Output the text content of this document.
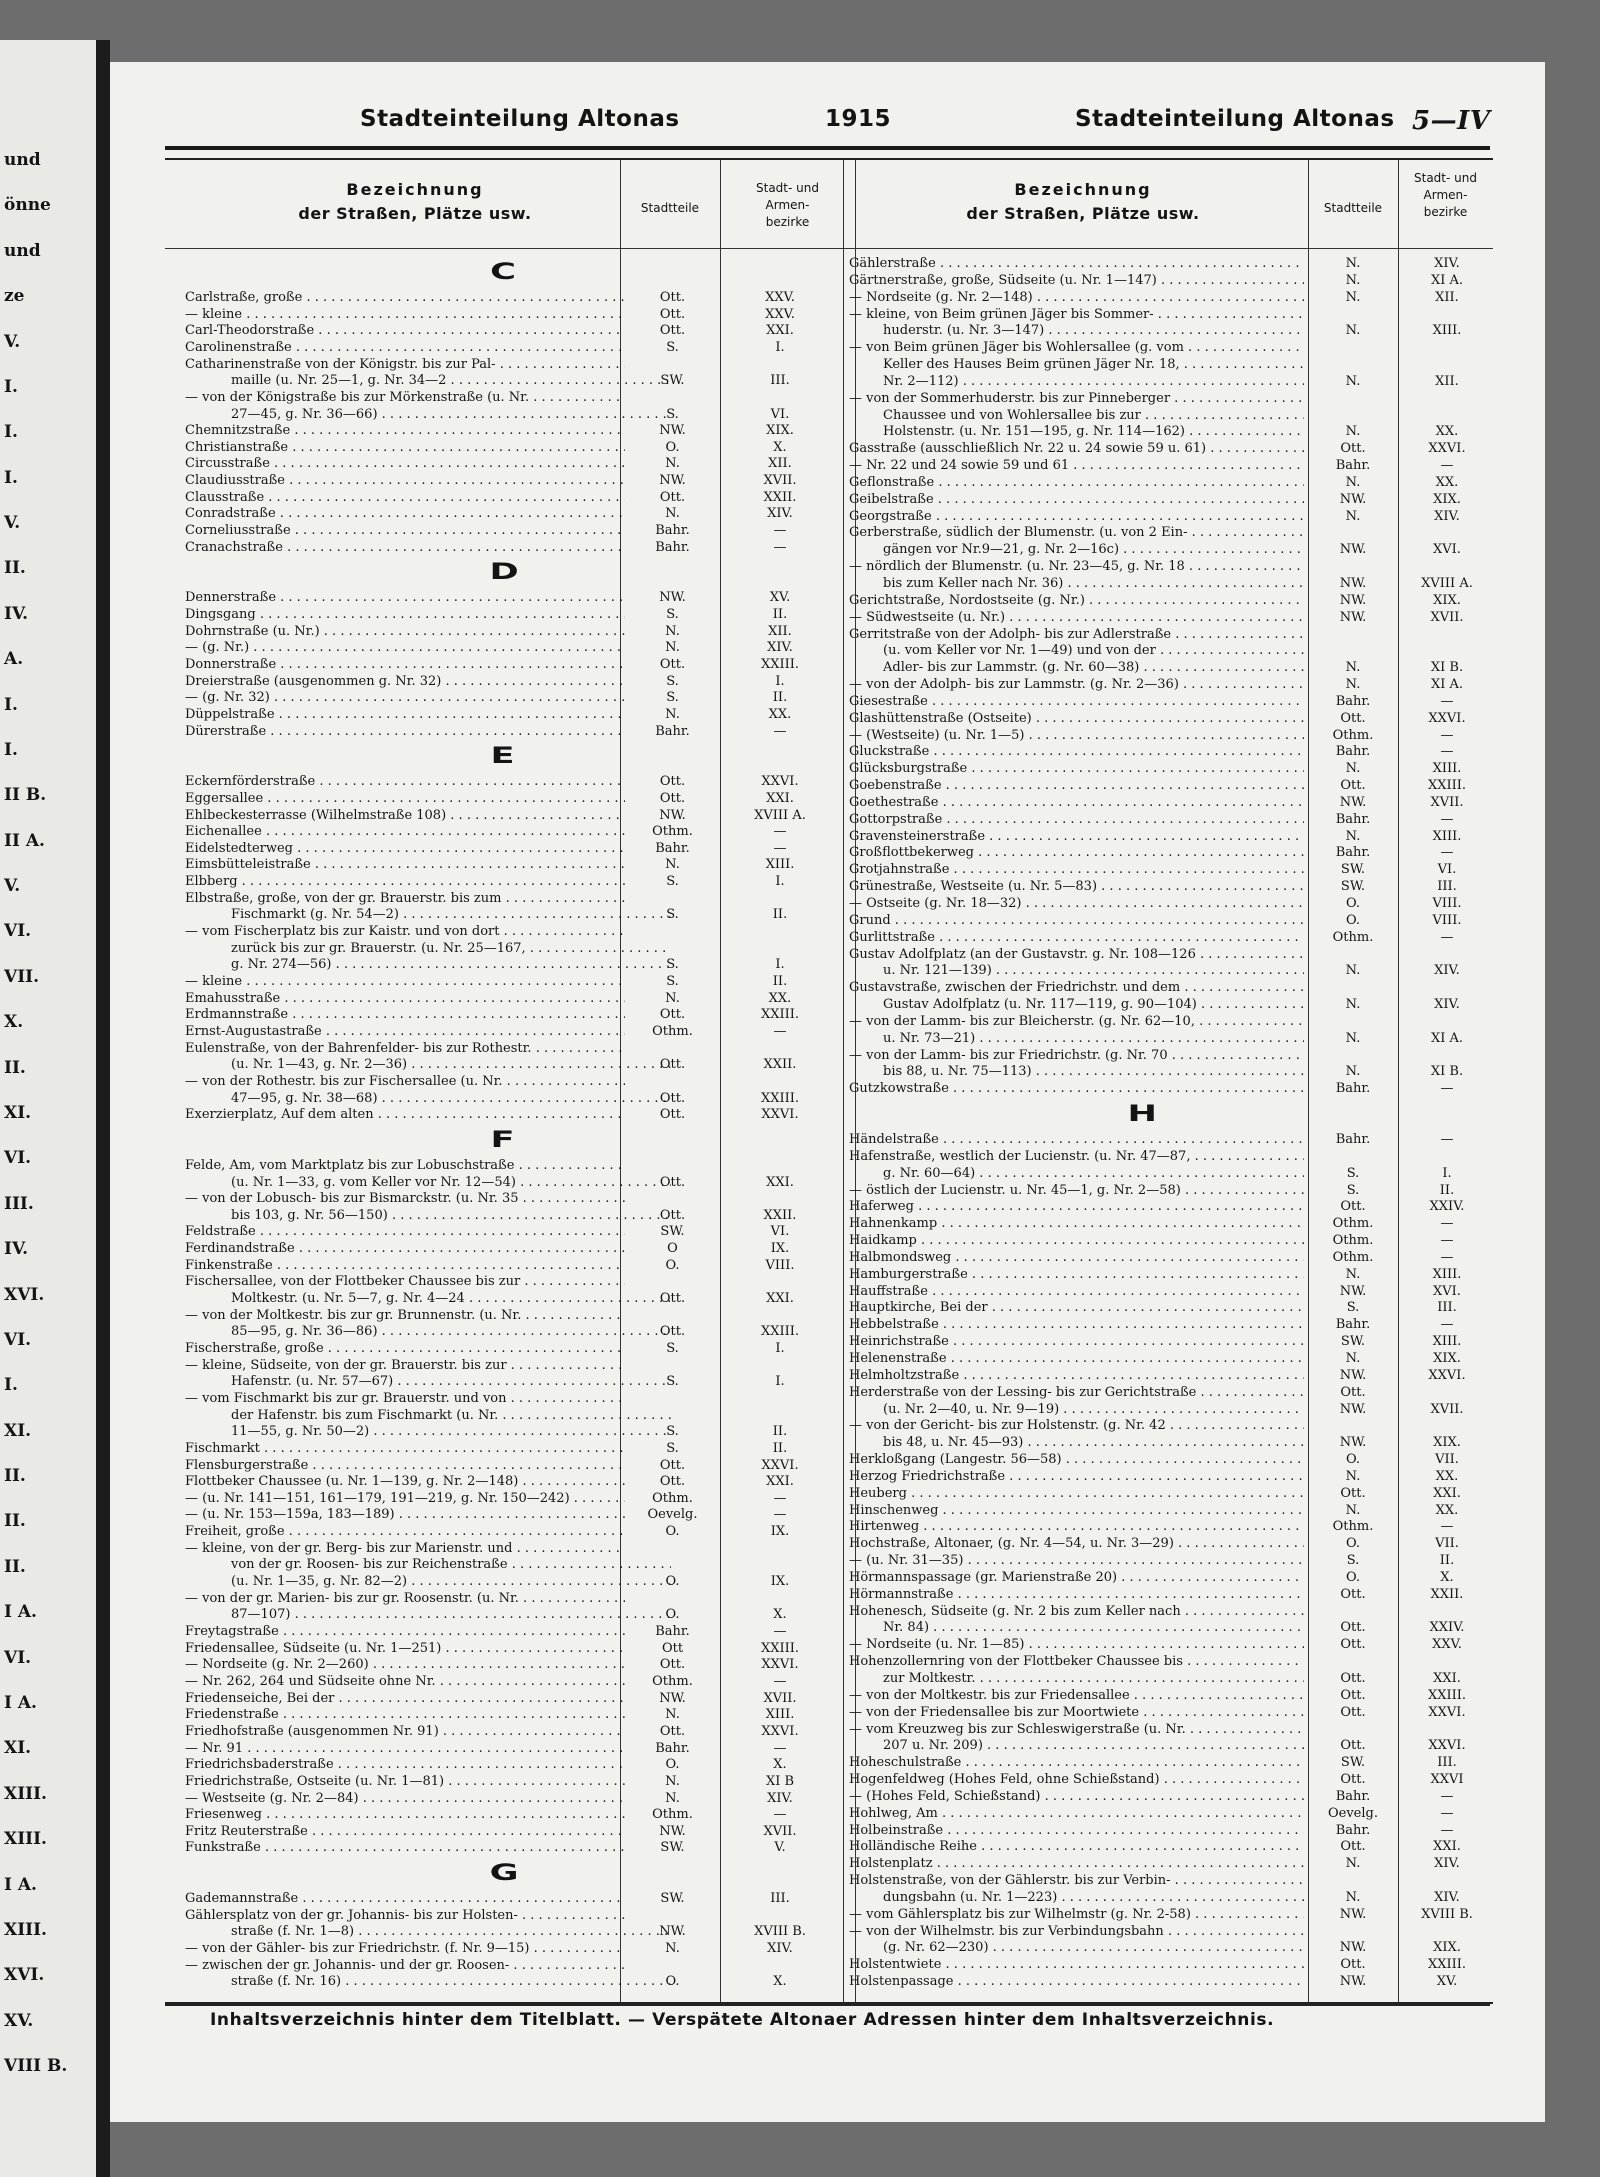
und
önne
und
ze
V.
I.
I.
I.
V.
II.
IV.
A.
I.
I.
II B.
II A.
V.
VI.
VII.
X.
II.
XI.
VI.
III.
IV.
XVI.
VI.
I.
XI.
II.
II.
II.
I A.
VI.
I A.
XI.
XIII.
XIII.
I A.
XIII.
XVI.
XV.
VIII B.
Stadteinteilung Altonas	1915	Stadteinteilung Altonas 5—IV
Bezeichnung
der Straßen, Plätze usw.	Stadtteile
Stadt- und
Armen-
bezirke
C
Carlstraße, große . . .	Ott.	XXV.
— kleine . . .	Ott.	XXV.
Carl-Theodorstraße . . .	Ott.	XXI.
Carolinenstraße . . .	S.	I.
Catharinenstraße von der Königstr. bis zur Pal- . . .
maille (u. Nr. 25—1, g. Nr. 34—2 . . .	SW.	III.
— von der Königstraße bis zur Mörkenstraße (u. Nr. . . .
27—45, g. Nr. 36—66) . . .	S.	VI.
Chemnitzstraße . . .	NW.	XIX.
Christianstraße . . .	O.	X.
Circusstraße . . .	N.	XII.
Claudiusstraße . . .	NW.	XVII.
Clausstraße . . .	Ott.	XXII.
Conradstraße . . .	N.	XIV.
Corneliusstraße . . .	Bahr.	—
Cranachstraße . . .	Bahr.	—
D
Dennerstraße . . .	NW.	XV.
Dingsgang . . .	S.	II.
Dohrnstraße (u. Nr.) . . .	N.	XII.
— (g. Nr.) . . .	N.	XIV.
Donnerstraße . . .	Ott.	XXIII.
Dreierstraße (ausgenommen g. Nr. 32) . . .	S.	I.
— (g. Nr. 32) . . .	S.	II.
Düppelstraße . . .	N.	XX.
Dürerstraße . . .	Bahr.	—
E
Eckernförderstraße . . .	Ott.	XXVI.
Eggersallee . . .	Ott.	XXI.
Ehlbeckesterrasse (Wilhelmstraße 108) . . .	NW.	XVIII A.
Eichenallee . . .	Othm.	—
Eidelstedterweg . . .	Bahr.	—
Eimsbütteleistraße . . .	N.	XIII.
Elbberg . . .	S.	I.
Elbstraße, große, von der gr. Brauerstr. bis zum . . .
Fischmarkt (g. Nr. 54—2) . . .	S.	II.
— vom Fischerplatz bis zur Kaistr. und von dort . . .
zurück bis zur gr. Brauerstr. (u. Nr. 25—167, . . .
g. Nr. 274—56) . . .	S.	I.
— kleine . . .	S.	II.
Emahusstraße . . .	N.	XX.
Erdmannstraße . . .	Ott.	XXIII.
Ernst-Augustastraße . . .	Othm.	—
Eulenstraße, von der Bahrenfelder- bis zur Rothestr. . . .
(u. Nr. 1—43, g. Nr. 2—36) . . .	Ott.	XXII.
— von der Rothestr. bis zur Fischersallee (u. Nr. . . .
47—95, g. Nr. 38—68) . . .	Ott.	XXIII.
Exerzierplatz, Auf dem alten . . .	Ott.	XXVI.
F
Felde, Am, vom Marktplatz bis zur Lobuschstraße . . .
(u. Nr. 1—33, g. vom Keller vor Nr. 12—54) . . .	Ott.	XXI.
— von der Lobusch- bis zur Bismarckstr. (u. Nr. 35 . . .
bis 103, g. Nr. 56—150) . . .	Ott.	XXII.
Feldstraße . . .	SW.	VI.
Ferdinandstraße . . .	O	IX.
Finkenstraße . . .	O.	VIII.
Fischersallee, von der Flottbeker Chaussee bis zur . . .
Moltkestr. (u. Nr. 5—7, g. Nr. 4—24 . . .	Ott.	XXI.
— von der Moltkestr. bis zur gr. Brunnenstr. (u. Nr. . . .
85—95, g. Nr. 36—86) . . .	Ott.	XXIII.
Fischerstraße, große . . .	S.	I.
— kleine, Südseite, von der gr. Brauerstr. bis zur . . .
Hafenstr. (u. Nr. 57—67) . . .	S.	I.
— vom Fischmarkt bis zur gr. Brauerstr. und von . . .
der Hafenstr. bis zum Fischmarkt (u. Nr. . . .
11—55, g. Nr. 50—2) . . .	S.	II.
Fischmarkt . . .	S.	II.
Flensburgerstraße . . .	Ott.	XXVI.
Flottbeker Chaussee (u. Nr. 1—139, g. Nr. 2—148) . . .	Ott.	XXI.
— (u. Nr. 141—151, 161—179, 191—219, g. Nr. 150—242) . . .	Othm.	—
— (u. Nr. 153—159a, 183—189) . . .	Oevelg.	—
Freiheit, große . . .	O.	IX.
— kleine, von der gr. Berg- bis zur Marienstr. und . . .
von der gr. Roosen- bis zur Reichenstraße . . .
(u. Nr. 1—35, g. Nr. 82—2) . . .	O.	IX.
— von der gr. Marien- bis zur gr. Roosenstr. (u. Nr. . . .
87—107) . . .	O.	X.
Freytagstraße . . .	Bahr.	—
Friedensallee, Südseite (u. Nr. 1—251) . . .	Ott	XXIII.
— Nordseite (g. Nr. 2—260) . . .	Ott.	XXVI.
— Nr. 262, 264 und Südseite ohne Nr. . . .	Othm.	—
Friedenseiche, Bei der . . .	NW.	XVII.
Friedenstraße . . .	N.	XIII.
Friedhofstraße (ausgenommen Nr. 91) . . .	Ott.	XXVI.
— Nr. 91 . . .	Bahr.	—
Friedrichsbaderstraße . . .	O.	X.
Friedrichstraße, Ostseite (u. Nr. 1—81) . . .	N.	XI B
— Westseite (g. Nr. 2—84) . . .	N.	XIV.
Friesenweg . . .	Othm.	—
Fritz Reuterstraße . . .	NW.	XVII.
Funkstraße . . .	SW.	V.
G
Gademannstraße . . .	SW.	III.
Gählersplatz von der gr. Johannis- bis zur Holsten- . . .
straße (f. Nr. 1—8) . . .	NW.	XVIII B.
— von der Gähler- bis zur Friedrichstr. (f. Nr. 9—15) . . .	N.	XIV.
— zwischen der gr. Johannis- und der gr. Roosen- . . .
straße (f. Nr. 16) . . .	O.	X.
Bezeichnung
der Straßen, Plätze usw.	Stadtteile
Stadt- und
Armen-
bezirke
Gählerstraße . . .	N.	XIV.
Gärtnerstraße, große, Südseite (u. Nr. 1—147) . . .	N.	XI A.
— Nordseite (g. Nr. 2—148) . . .	N.	XII.
— kleine, von Beim grünen Jäger bis Sommer- . . .
huderstr. (u. Nr. 3—147) . . .	N.	XIII.
— von Beim grünen Jäger bis Wohlersallee (g. vom . . .
Keller des Hauses Beim grünen Jäger Nr. 18, . . .
Nr. 2—112) . . .	N.	XII.
— von der Sommerhuderstr. bis zur Pinneberger . . .
Chaussee und von Wohlersallee bis zur . . .
Holstenstr. (u. Nr. 151—195, g. Nr. 114—162) . . .	N.	XX.
Gasstraße (ausschließlich Nr. 22 u. 24 sowie 59 u. 61) . . .	Ott.	XXVI.
— Nr. 22 und 24 sowie 59 und 61 . . .	Bahr.	—
Geflonstraße . . .	N.	XX.
Geibelstraße . . .	NW.	XIX.
Georgstraße . . .	N.	XIV.
Gerberstraße, südlich der Blumenstr. (u. von 2 Ein- . . .
gängen vor Nr.9—21, g. Nr. 2—16c) . . .	NW.	XVI.
— nördlich der Blumenstr. (u. Nr. 23—45, g. Nr. 18 . . .
bis zum Keller nach Nr. 36) . . .	NW.	XVIII A.
Gerichtstraße, Nordostseite (g. Nr.) . . .	NW.	XIX.
— Südwestseite (u. Nr.) . . .	NW.	XVII.
Gerritstraße von der Adolph- bis zur Adlerstraße . . .
(u. vom Keller vor Nr. 1—49) und von der . . .
Adler- bis zur Lammstr. (g. Nr. 60—38) . . .	N.	XI B.
— von der Adolph- bis zur Lammstr. (g. Nr. 2—36) . . .	N.	XI A.
Giesestraße . . .	Bahr.	—
Glashüttenstraße (Ostseite) . . .	Ott.	XXVI.
— (Westseite) (u. Nr. 1—5) . . .	Othm.	—
Gluckstraße . . .	Bahr.	—
Glücksburgstraße . . .	N.	XIII.
Goebenstraße . . .	Ott.	XXIII.
Goethestraße . . .	NW.	XVII.
Gottorpstraße . . .	Bahr.	—
Gravensteinerstraße . . .	N.	XIII.
Großflottbekerweg . . .	Bahr.	—
Grotjahnstraße . . .	SW.	VI.
Grünestraße, Westseite (u. Nr. 5—83) . . .	SW.	III.
— Ostseite (g. Nr. 18—32) . . .	O.	VIII.
Grund . . .	O.	VIII.
Gurlittstraße . . .	Othm.	—
Gustav Adolfplatz (an der Gustavstr. g. Nr. 108—126 . . .
u. Nr. 121—139) . . .	N.	XIV.
Gustavstraße, zwischen der Friedrichstr. und dem . . .
Gustav Adolfplatz (u. Nr. 117—119, g. 90—104) . . .	N.	XIV.
— von der Lamm- bis zur Bleicherstr. (g. Nr. 62—10, . . .
u. Nr. 73—21) . . .	N.	XI A.
— von der Lamm- bis zur Friedrichstr. (g. Nr. 70 . . .
bis 88, u. Nr. 75—113) . . .	N.	XI B.
Gutzkowstraße . . .	Bahr.	—
H
Händelstraße . . .	Bahr.	—
Hafenstraße, westlich der Lucienstr. (u. Nr. 47—87, . . .
g. Nr. 60—64) . . .	S.	I.
— östlich der Lucienstr. u. Nr. 45—1, g. Nr. 2—58) . . .	S.	II.
Haferweg . . .	Ott.	XXIV.
Hahnenkamp . . .	Othm.	—
Haidkamp . . .	Othm.	—
Halbmondsweg . . .	Othm.	—
Hamburgerstraße . . .	N.	XIII.
Hauffstraße . . .	NW.	XVI.
Hauptkirche, Bei der . . .	S.	III.
Hebbelstraße . . .	Bahr.	—
Heinrichstraße . . .	SW.	XIII.
Helenenstraße . . .	N.	XIX.
Helmholtzstraße . . .	NW.	XXVI.
Herderstraße von der Lessing- bis zur Gerichtstraße . . .	Ott.
(u. Nr. 2—40, u. Nr. 9—19) . . .	NW.	XVII.
— von der Gericht- bis zur Holstenstr. (g. Nr. 42 . . .
bis 48, u. Nr. 45—93) . . .	NW.	XIX.
Herkloßgang (Langestr. 56—58) . . .	O.	VII.
Herzog Friedrichstraße . . .	N.	XX.
Heuberg . . .	Ott.	XXI.
Hinschenweg . . .	N.	XX.
Hirtenweg . . .	Othm.	—
Hochstraße, Altonaer, (g. Nr. 4—54, u. Nr. 3—29) . . .	O.	VII.
— (u. Nr. 31—35) . . .	S.	II.
Hörmannspassage (gr. Marienstraße 20) . . .	O.	X.
Hörmannstraße . . .	Ott.	XXII.
Hohenesch, Südseite (g. Nr. 2 bis zum Keller nach . . .
Nr. 84) . . .	Ott.	XXIV.
— Nordseite (u. Nr. 1—85) . . .	Ott.	XXV.
Hohenzollernring von der Flottbeker Chaussee bis . . .
zur Moltkestr. . . .	Ott.	XXI.
— von der Moltkestr. bis zur Friedensallee . . .	Ott.	XXIII.
— von der Friedensallee bis zur Moortwiete . . .	Ott.	XXVI.
— vom Kreuzweg bis zur Schleswigerstraße (u. Nr. . . .
207 u. Nr. 209) . . .	Ott.	XXVI.
Hoheschulstraße . . .	SW.	III.
Hogenfeldweg (Hohes Feld, ohne Schießstand) . . .	Ott.	XXVI
— (Hohes Feld, Schießstand) . . .	Bahr.	—
Hohlweg, Am . . .	Oevelg.	—
Holbeinstraße . . .	Bahr.	—
Holländische Reihe . . .	Ott.	XXI.
Holstenplatz . . .	N.	XIV.
Holstenstraße, von der Gählerstr. bis zur Verbin- . . .
dungsbahn (u. Nr. 1—223) . . .	N.	XIV.
— vom Gählersplatz bis zur Wilhelmstr (g. Nr. 2-58) . . .	NW.	XVIII B.
— von der Wilhelmstr. bis zur Verbindungsbahn . . .
(g. Nr. 62—230) . . .	NW.	XIX.
Holstentwiete . . .	Ott.	XXIII.
Holstenpassage . . .	NW.	XV.
Inhaltsverzeichnis hinter dem Titelblatt. — Verspätete Altonaer Adressen hinter dem Inhaltsverzeichnis.
